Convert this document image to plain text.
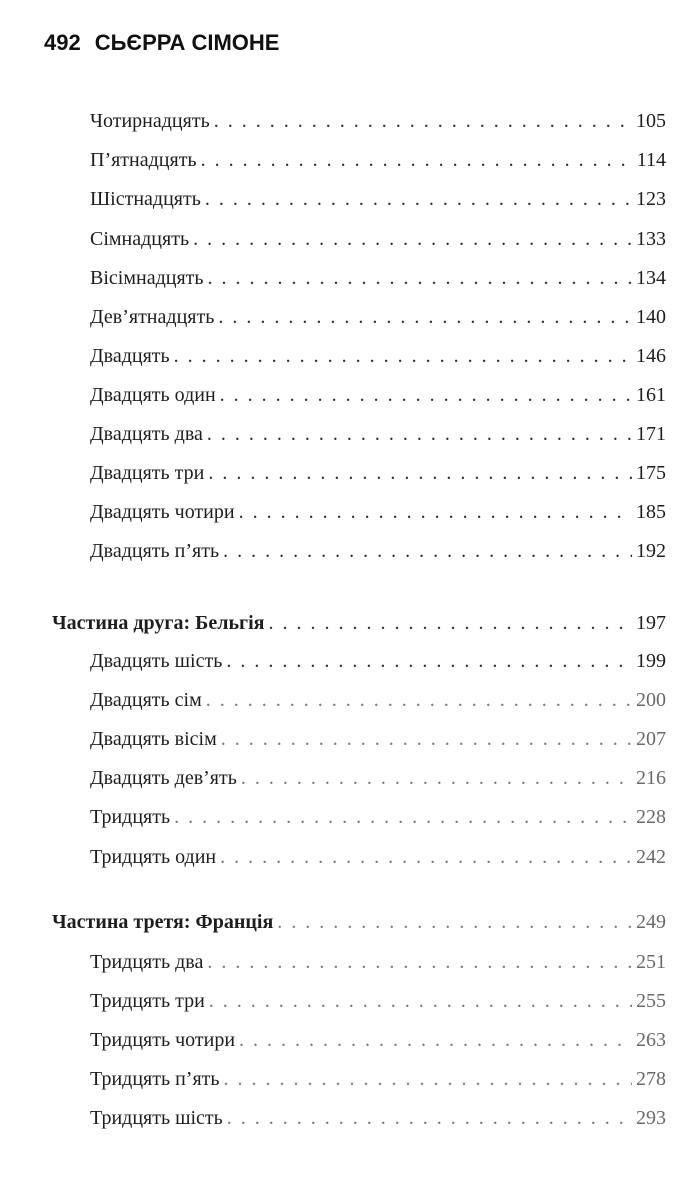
492 СЬЄРРА СІМОНЕ
Чотирнадцять . . .	105
П’ятнадцять . . .	114
Шістнадцять . . .	123
Сімнадцять . . .	133
Вісімнадцять . . .	134
Дев’ятнадцять . . .	140
Двадцять . . .	146
Двадцять один . . .	161
Двадцять два . . .	171
Двадцять три . . .	175
Двадцять чотири . . .	185
Двадцять п’ять . . .	192
Частина друга: Бельгія . . .	197
Двадцять шість . . .	199
Двадцять сім . . .	200
Двадцять вісім . . .	207
Двадцять дев’ять . . .	216
Тридцять . . .	228
Тридцять один . . .	242
Частина третя: Франція . . .	249
Тридцять два . . .	251
Тридцять три . . .	255
Тридцять чотири . . .	263
Тридцять п’ять . . .	278
Тридцять шість . . .	293
